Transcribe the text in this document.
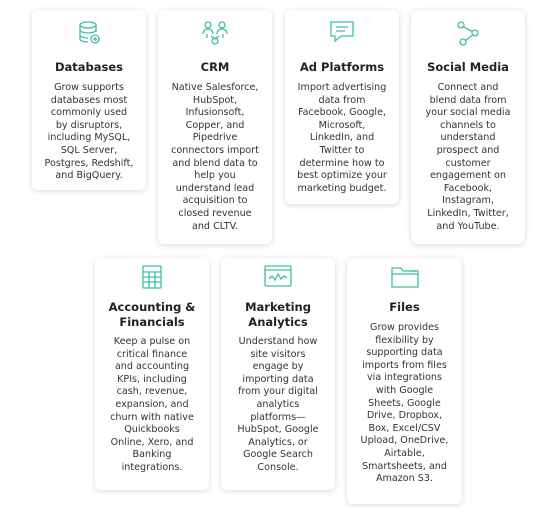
Databases
Grow supports databases most commonly used by disruptors, including MySQL, SQL Server, Postgres, Redshift, and BigQuery.
CRM
Native Salesforce, HubSpot, Infusionsoft, Copper, and Pipedrive connectors import and blend data to help you understand lead acquisition to closed revenue and CLTV.
Ad Platforms
Import advertising data from Facebook, Google, Microsoft, LinkedIn, and Twitter to determine how to best optimize your marketing budget.
Social Media
Connect and blend data from your social media channels to understand prospect and customer engagement on Facebook, Instagram, LinkedIn, Twitter, and YouTube.
Accounting & Financials
Keep a pulse on critical finance and accounting KPIs, including cash, revenue, expansion, and churn with native Quickbooks Online, Xero, and Banking integrations.
Marketing Analytics
Understand how site visitors engage by importing data from your digital analytics platforms—HubSpot, Google Analytics, or Google Search Console.
Files
Grow provides flexibility by supporting data imports from files via integrations with Google Sheets, Google Drive, Dropbox, Box, Excel/CSV Upload, OneDrive, Airtable, Smartsheets, and Amazon S3.
